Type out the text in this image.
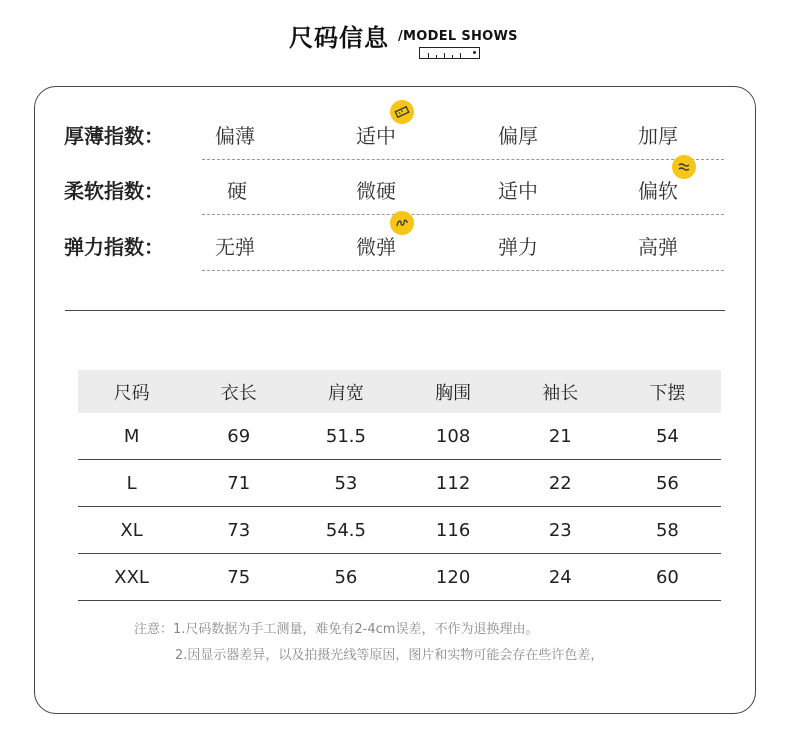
尺码信息 /MODEL SHOWS
厚薄指数：	偏薄	适中	偏厚	加厚
柔软指数：	硬	微硬	适中	偏软
弹力指数：	无弹	微弹	弹力	高弹
尺码	衣长	肩宽	胸围	袖长	下摆
M	69	51.5	108	21	54
L	71	53	112	22	56
XL	73	54.5	116	23	58
XXL	75	56	120	24	60
注意：1.尺码数据为手工测量，难免有2-4cm误差，不作为退换理由。
2.因显示器差异，以及拍摄光线等原因，图片和实物可能会存在些许色差，
